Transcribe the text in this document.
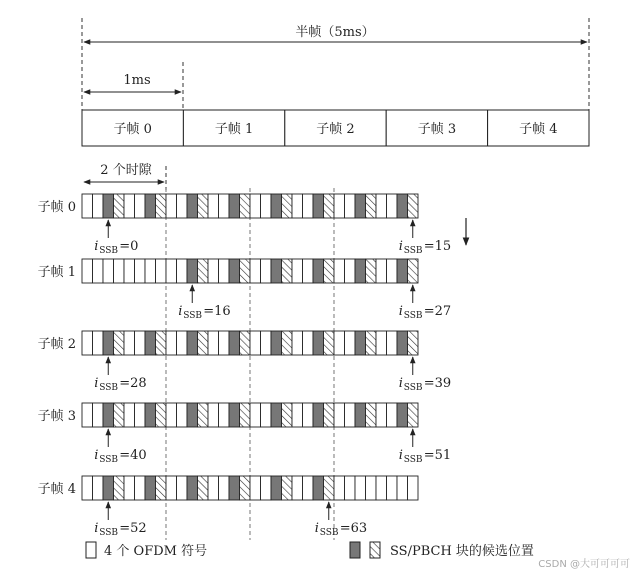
半帧（5ms）
1ms
子帧 0	子帧 1	子帧 2	子帧 3	子帧 4
2 个时隙
子帧 0
子帧 1
子帧 2
子帧 3
子帧 4
i SSB =0	i SSB =15
i SSB =16	i SSB =27
i SSB =28	i SSB =39
i SSB =40	i SSB =51
i SSB =52	i SSB =63
4 个 OFDM 符号	SS/PBCH 块的候选位置
CSDN @大可可可可
